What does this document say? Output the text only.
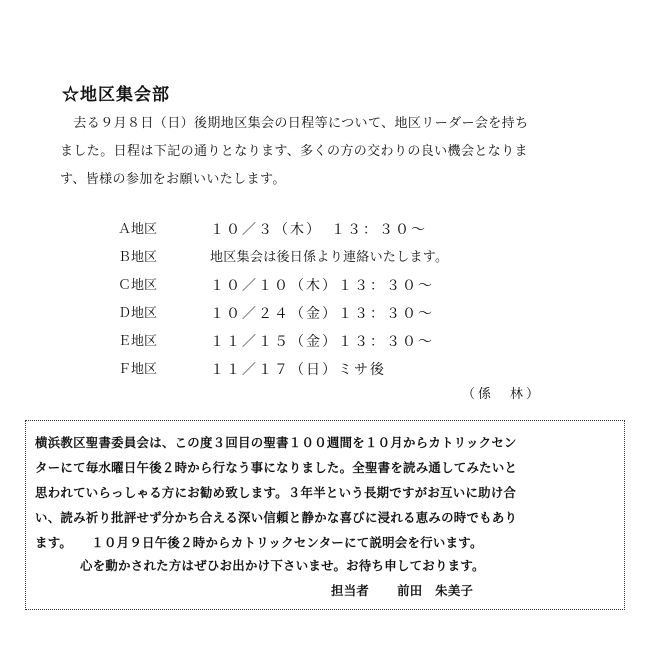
☆地区集会部

　去る９月８日（日）後期地区集会の日程等について、地区リーダー会を持ち

ました。日程は下記の通りとなります、多くの方の交わりの良い機会となりま

す、皆様の参加をお願いいたします。

Ａ地区	１０／３（木）　１３：３０～
Ｂ地区	地区集会は後日係より連絡いたします。
Ｃ地区	１０／１０（木）１３：３０～
Ｄ地区	１０／２４（金）１３：３０～
Ｅ地区	１１／１５（金）１３：３０～
Ｆ地区	１１／１７（日）ミサ後
（係　林）

横浜教区聖書委員会は、この度３回目の聖書１００週間を１０月からカトリックセン

ターにて毎水曜日午後２時から行なう事になりました。全聖書を読み通してみたいと

思われていらっしゃる方にお勧め致します。３年半という長期ですがお互いに助け合

い、読み祈り批評せず分かち合える深い信頼と静かな喜びに浸れる恵みの時でもあり

ます。　　１０月９日午後２時からカトリックセンターにて説明会を行います。

心を動かされた方はぜひお出かけ下さいませ。お待ち申しております。

担当者 前田　朱美子
